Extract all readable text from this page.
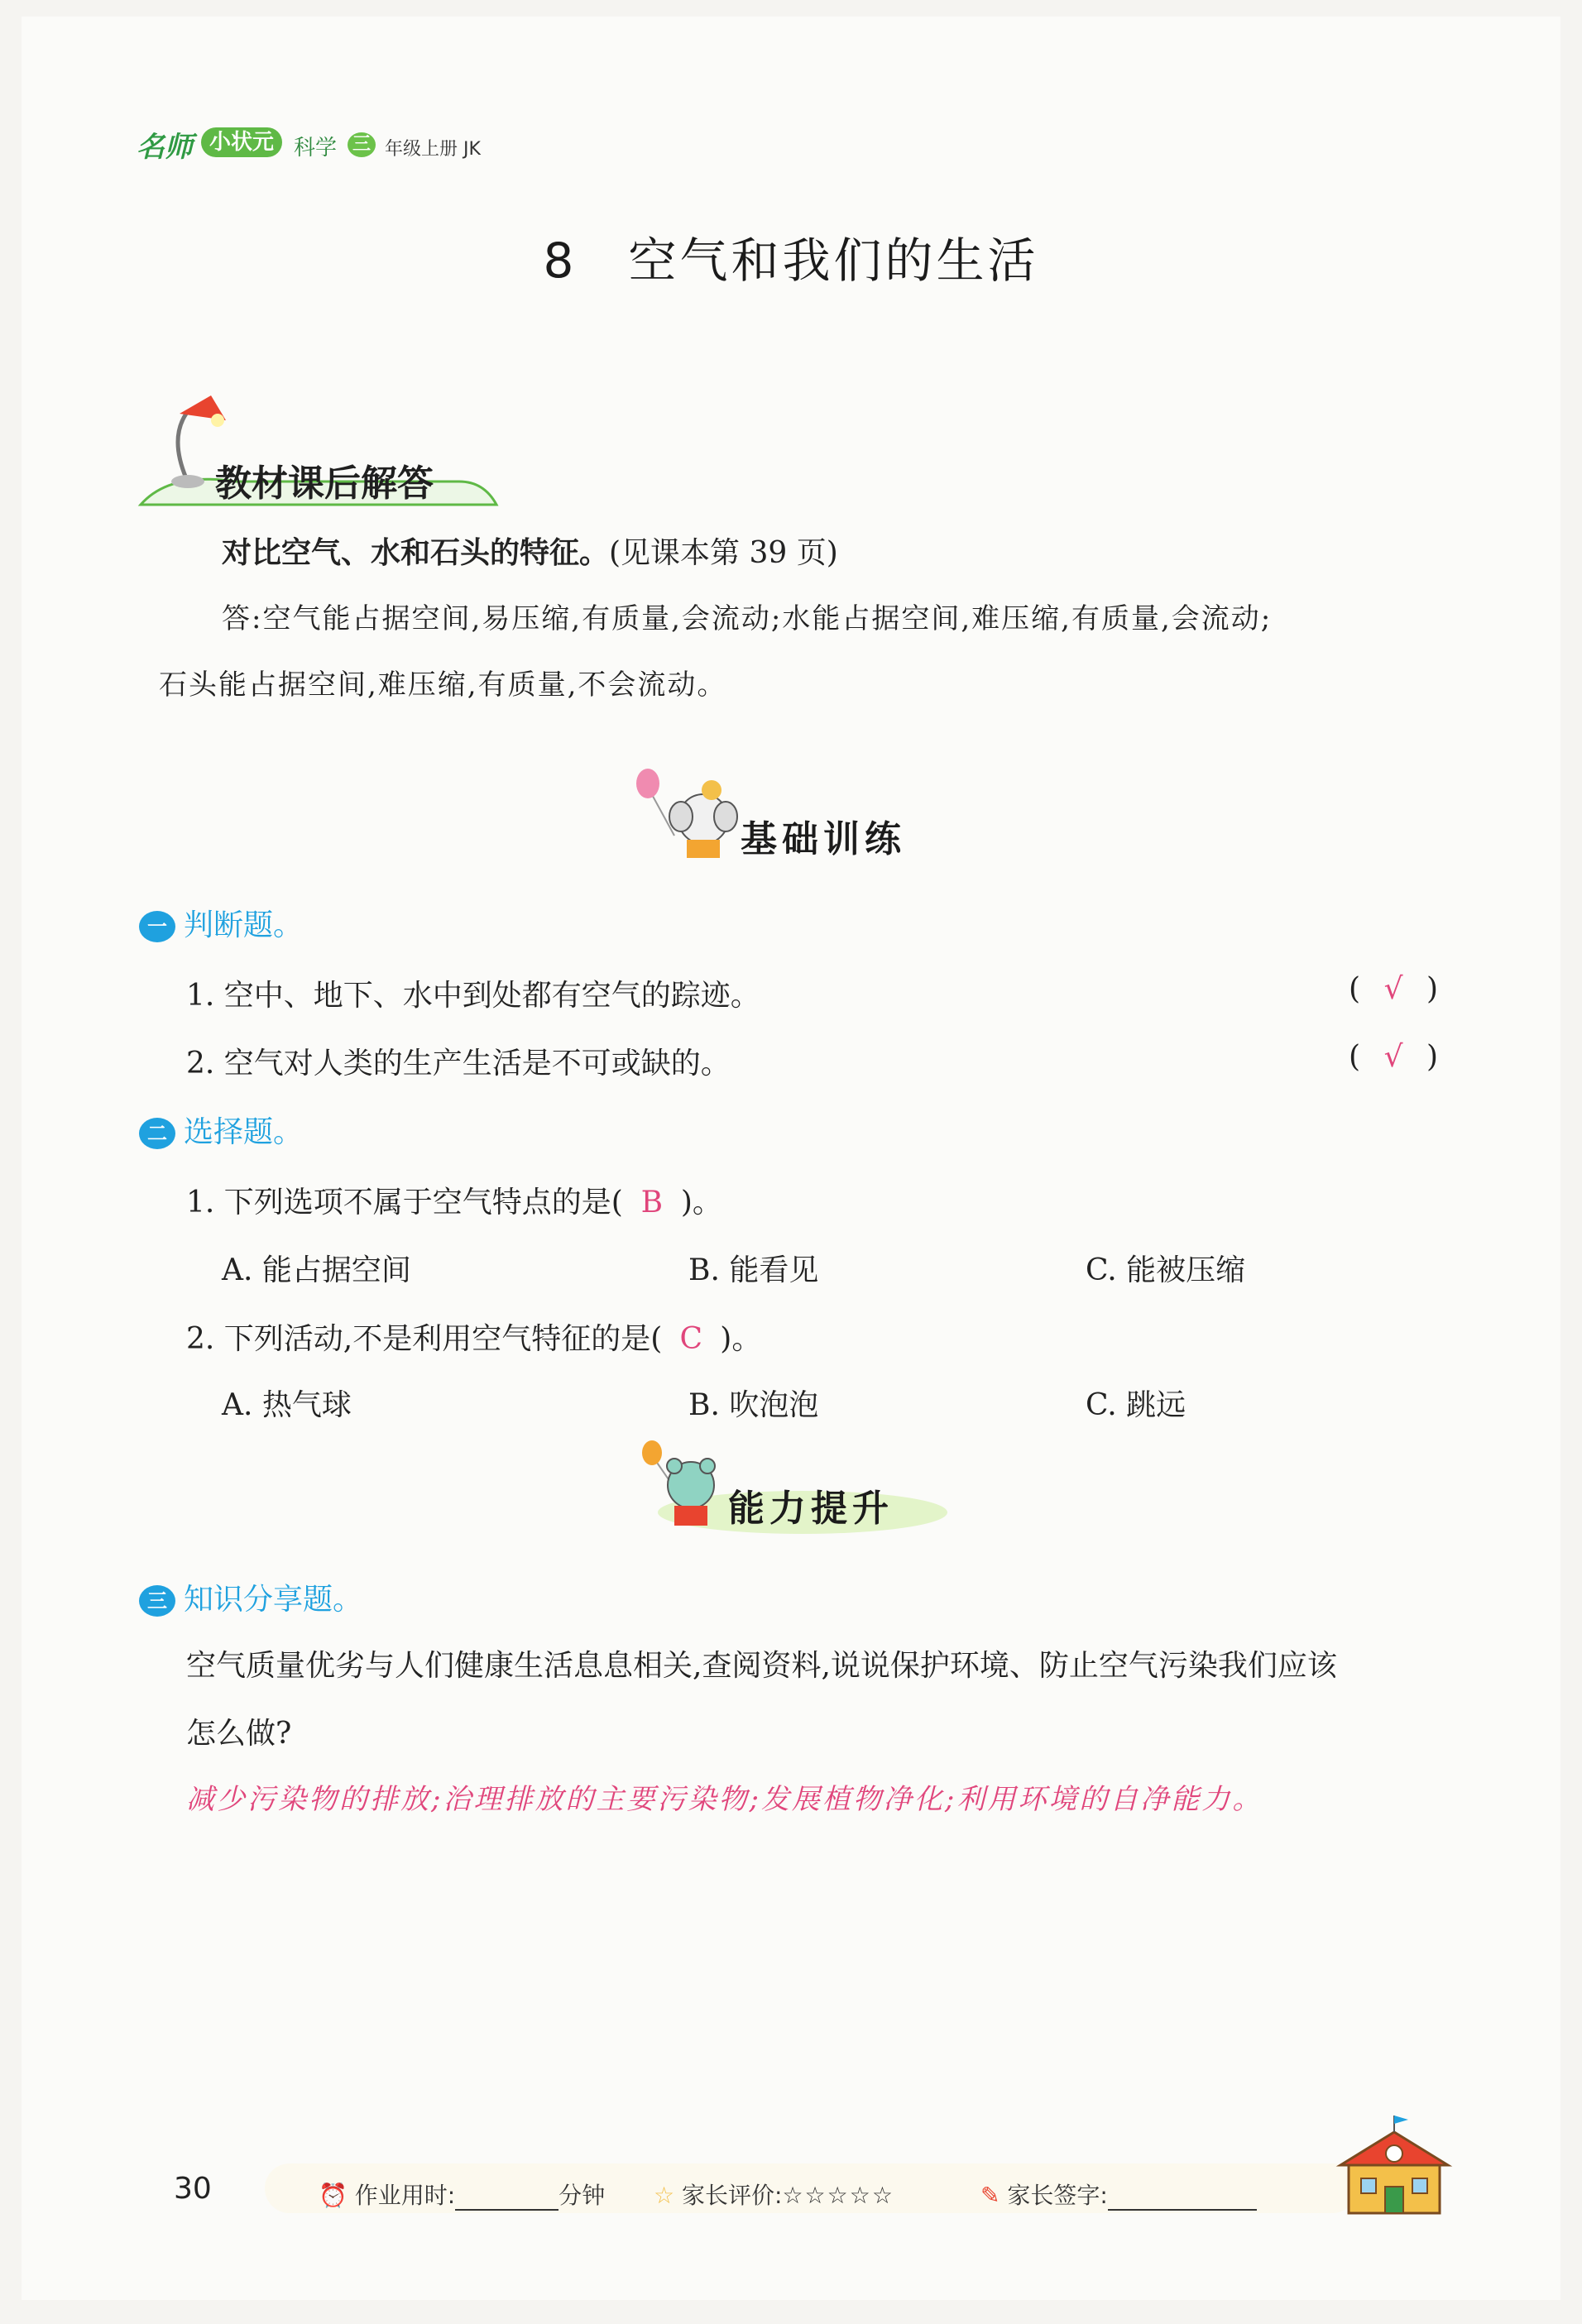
名师 小状元 科学 三 年级上册 JK
8　空气和我们的生活
教材课后解答
对比空气、水和石头的特征。(见课本第 39 页)
答:空气能占据空间,易压缩,有质量,会流动;水能占据空间,难压缩,有质量,会流动;
石头能占据空间,难压缩,有质量,不会流动。
基础训练
一 判断题。
1. 空中、地下、水中到处都有空气的踪迹。	( √ )
2. 空气对人类的生产生活是不可或缺的。	( √ )
二 选择题。
1. 下列选项不属于空气特点的是( B )。
A. 能占据空间	B. 能看见	C. 能被压缩
2. 下列活动,不是利用空气特征的是( C )。
A. 热气球	B. 吹泡泡	C. 跳远
能力提升
三 知识分享题。
空气质量优劣与人们健康生活息息相关,查阅资料,说说保护环境、防止空气污染我们应该
怎么做?
减少污染物的排放;治理排放的主要污染物;发展植物净化;利用环境的自净能力。
30	⏰ 作业用时:	分钟 ☆ 家长评价:☆☆☆☆☆	✎ 家长签字:
